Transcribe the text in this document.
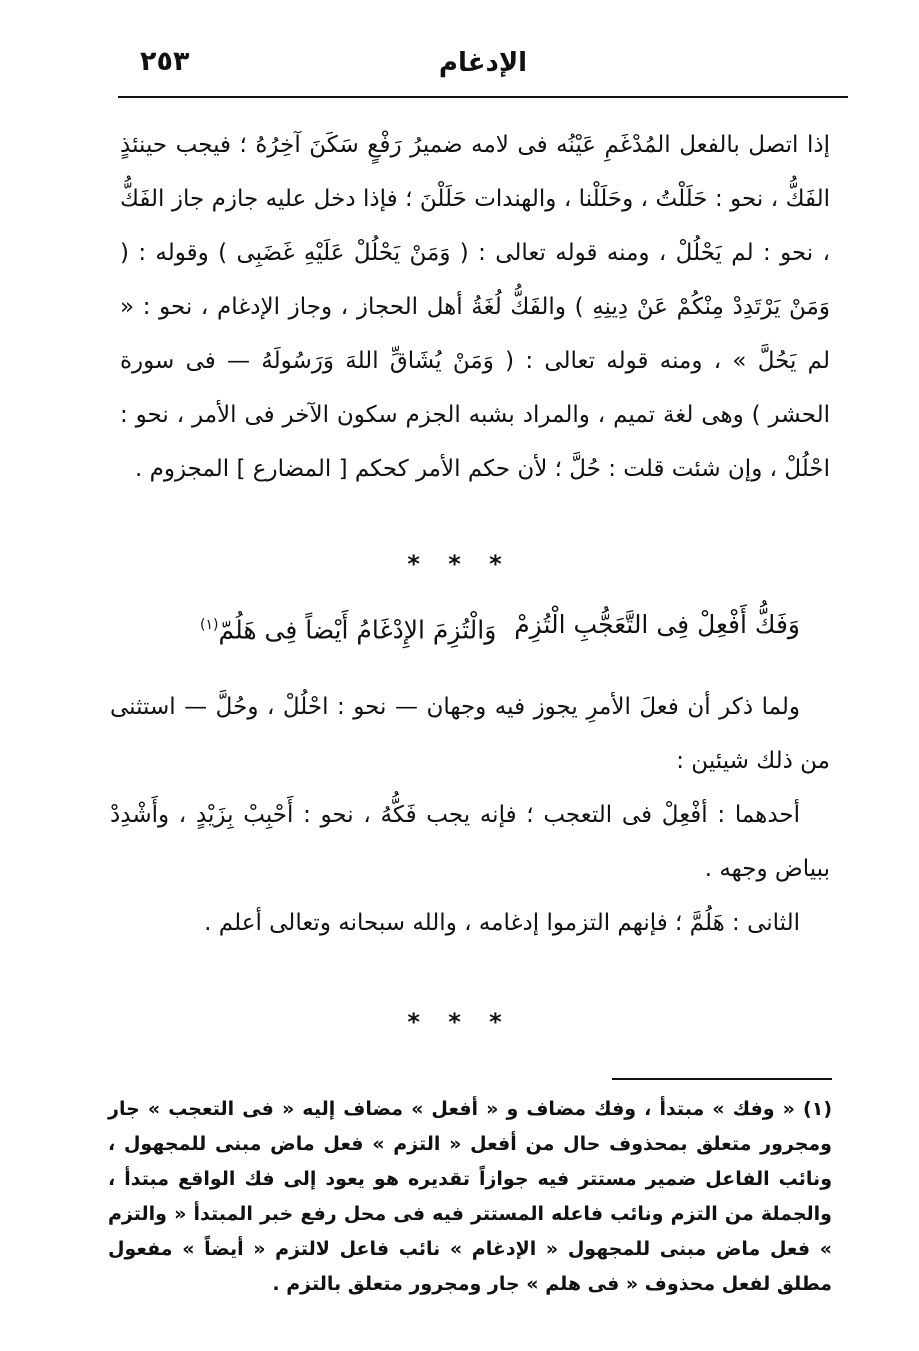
الإدغام
٢٥٣

إذا اتصل بالفعل المُدْغَمِ عَيْنُه فى لامه ضميرُ رَفْعٍ سَكَنَ آخِرُهُ ؛ فيجب حينئذٍ الفَكُّ ، نحو : حَلَلْتُ ، وحَلَلْنا ، والهندات حَلَلْنَ ؛ فإذا دخل عليه جازم جاز الفَكُّ ، نحو : لم يَحْلُلْ ، ومنه قوله تعالى : ( وَمَنْ يَحْلُلْ عَلَيْهِ غَضَبِى ) وقوله : ( وَمَنْ يَرْتَدِدْ مِنْكُمْ عَنْ دِينِهِ ) والفَكُّ لُغَةُ أهل الحجاز ، وجاز الإدغام ، نحو : « لم يَحُلَّ » ، ومنه قوله تعالى : ( وَمَنْ يُشَاقِّ اللهَ وَرَسُولَهُ — فى سورة الحشر ) وهى لغة تميم ، والمراد بشبه الجزم سكون الآخر فى الأمر ، نحو : احْلُلْ ، وإن شئت قلت : حُلَّ ؛ لأن حكم الأمر كحكم [ المضارع ] المجزوم .

* * *
وَفَكُّ أَفْعِلْ فِى التَّعَجُّبِ الْتُزِمْ
وَالْتُزِمَ الإِدْغَامُ أَيْضاً فِى هَلُمّ$^{(١)}$

ولما ذكر أن فعلَ الأمرِ يجوز فيه وجهان — نحو : احْلُلْ ، وحُلَّ — استثنى من ذلك شيئين :

أحدهما : أفْعِلْ فى التعجب ؛ فإنه يجب فَكُّهُ ، نحو : أَحْبِبْ بِزَيْدٍ ، وأَشْدِدْ ببياض وجهه .

الثانى : هَلُمَّ ؛ فإنهم التزموا إدغامه ، والله سبحانه وتعالى أعلم .

* * *

(١) « وفك » مبتدأ ، وفك مضاف و « أفعل » مضاف إليه « فى التعجب » جار ومجرور متعلق بمحذوف حال من أفعل « التزم » فعل ماض مبنى للمجهول ، ونائب الفاعل ضمير مستتر فيه جوازاً تقديره هو يعود إلى فك الواقع مبتدأ ، والجملة من التزم ونائب فاعله المستتر فيه فى محل رفع خبر المبتدأ « والتزم » فعل ماض مبنى للمجهول « الإدغام » نائب فاعل لالتزم « أيضاً » مفعول مطلق لفعل محذوف « فى هلم » جار ومجرور متعلق بالتزم .
